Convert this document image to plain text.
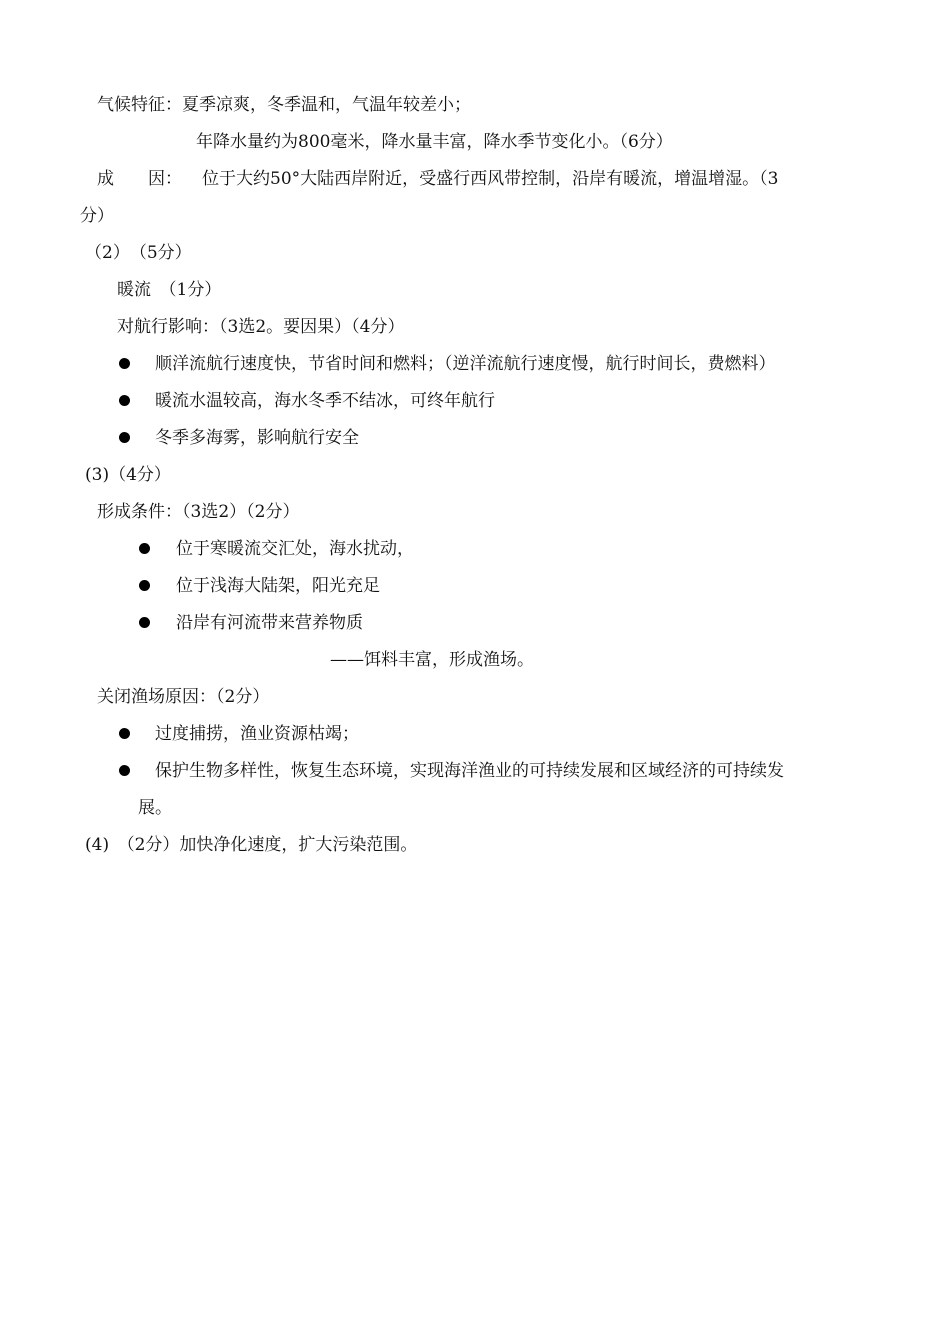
气候特征：夏季凉爽，冬季温和，气温年较差小；
年降水量约为800毫米，降水量丰富，降水季节变化小。（6分）
成　　因： 位于大约50°大陆西岸附近，受盛行西风带控制，沿岸有暖流，增温增湿。（3
分）
（2）　（5分）
暖流　（1分）
对航行影响：（3选2。要因果）（4分）
顺洋流航行速度快，节省时间和燃料；（逆洋流航行速度慢，航行时间长，费燃料）
暖流水温较高，海水冬季不结冰，可终年航行
冬季多海雾，影响航行安全
(3)（4分）
形成条件：（3选2）（2分）
位于寒暖流交汇处，海水扰动，
位于浅海大陆架，阳光充足
沿岸有河流带来营养物质
——饵料丰富，形成渔场。
关闭渔场原因：（2分）
过度捕捞，渔业资源枯竭；
保护生物多样性，恢复生态环境，实现海洋渔业的可持续发展和区域经济的可持续发
展。
(4)　（2分）加快净化速度，扩大污染范围。
